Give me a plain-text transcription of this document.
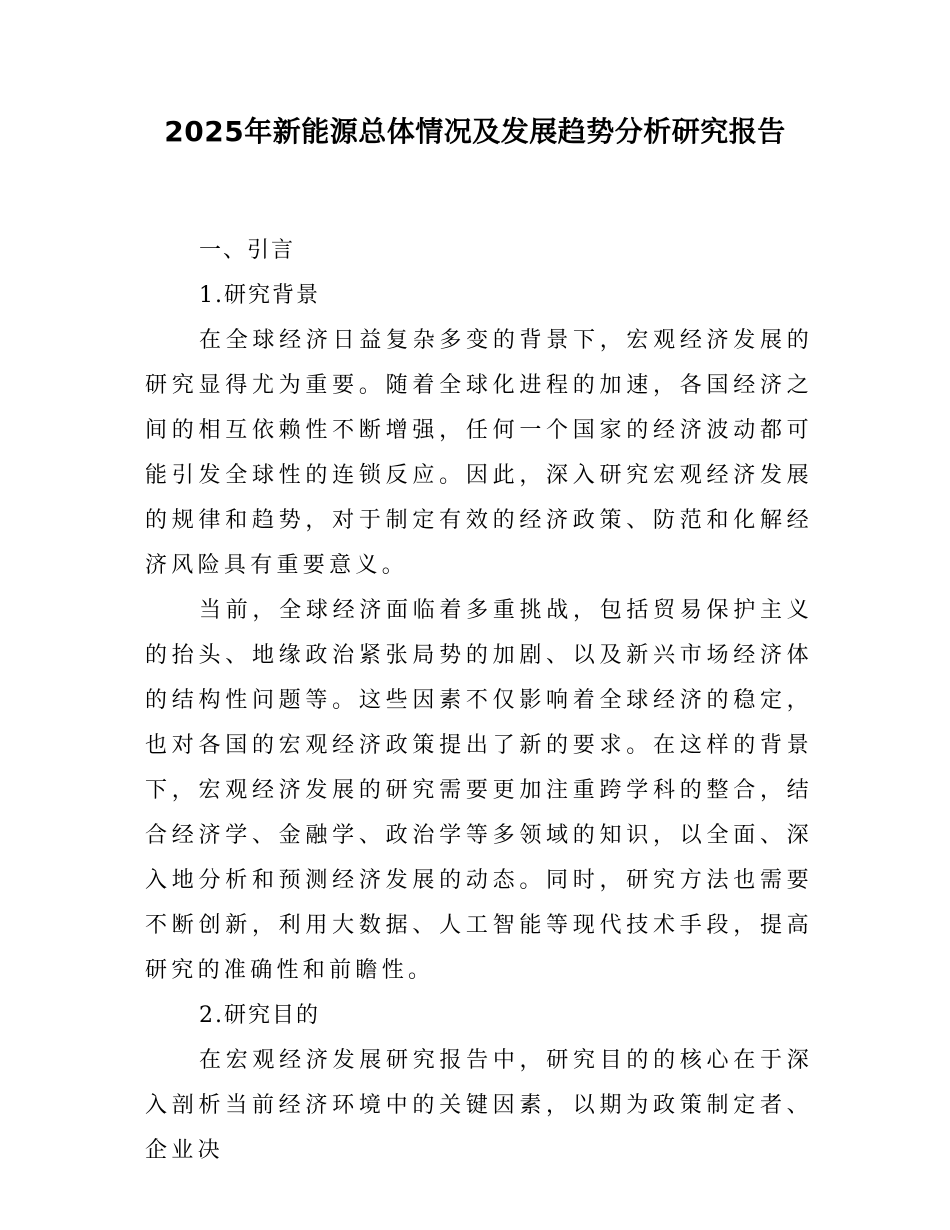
2025年新能源总体情况及发展趋势分析研究报告
一、引言
1.研究背景

在全球经济日益复杂多变的背景下，宏观经济发展的研究显得尤为重要。随着全球化进程的加速，各国经济之间的相互依赖性不断增强，任何一个国家的经济波动都可能引发全球性的连锁反应。因此，深入研究宏观经济发展的规律和趋势，对于制定有效的经济政策、防范和化解经济风险具有重要意义。

当前，全球经济面临着多重挑战，包括贸易保护主义的抬头、地缘政治紧张局势的加剧、以及新兴市场经济体的结构性问题等。这些因素不仅影响着全球经济的稳定，也对各国的宏观经济政策提出了新的要求。在这样的背景下，宏观经济发展的研究需要更加注重跨学科的整合，结合经济学、金融学、政治学等多领域的知识，以全面、深入地分析和预测经济发展的动态。同时，研究方法也需要不断创新，利用大数据、人工智能等现代技术手段，提高研究的准确性和前瞻性。

2.研究目的

在宏观经济发展研究报告中，研究目的的核心在于深入剖析当前经济环境中的关键因素，以期为政策制定者、企业决
